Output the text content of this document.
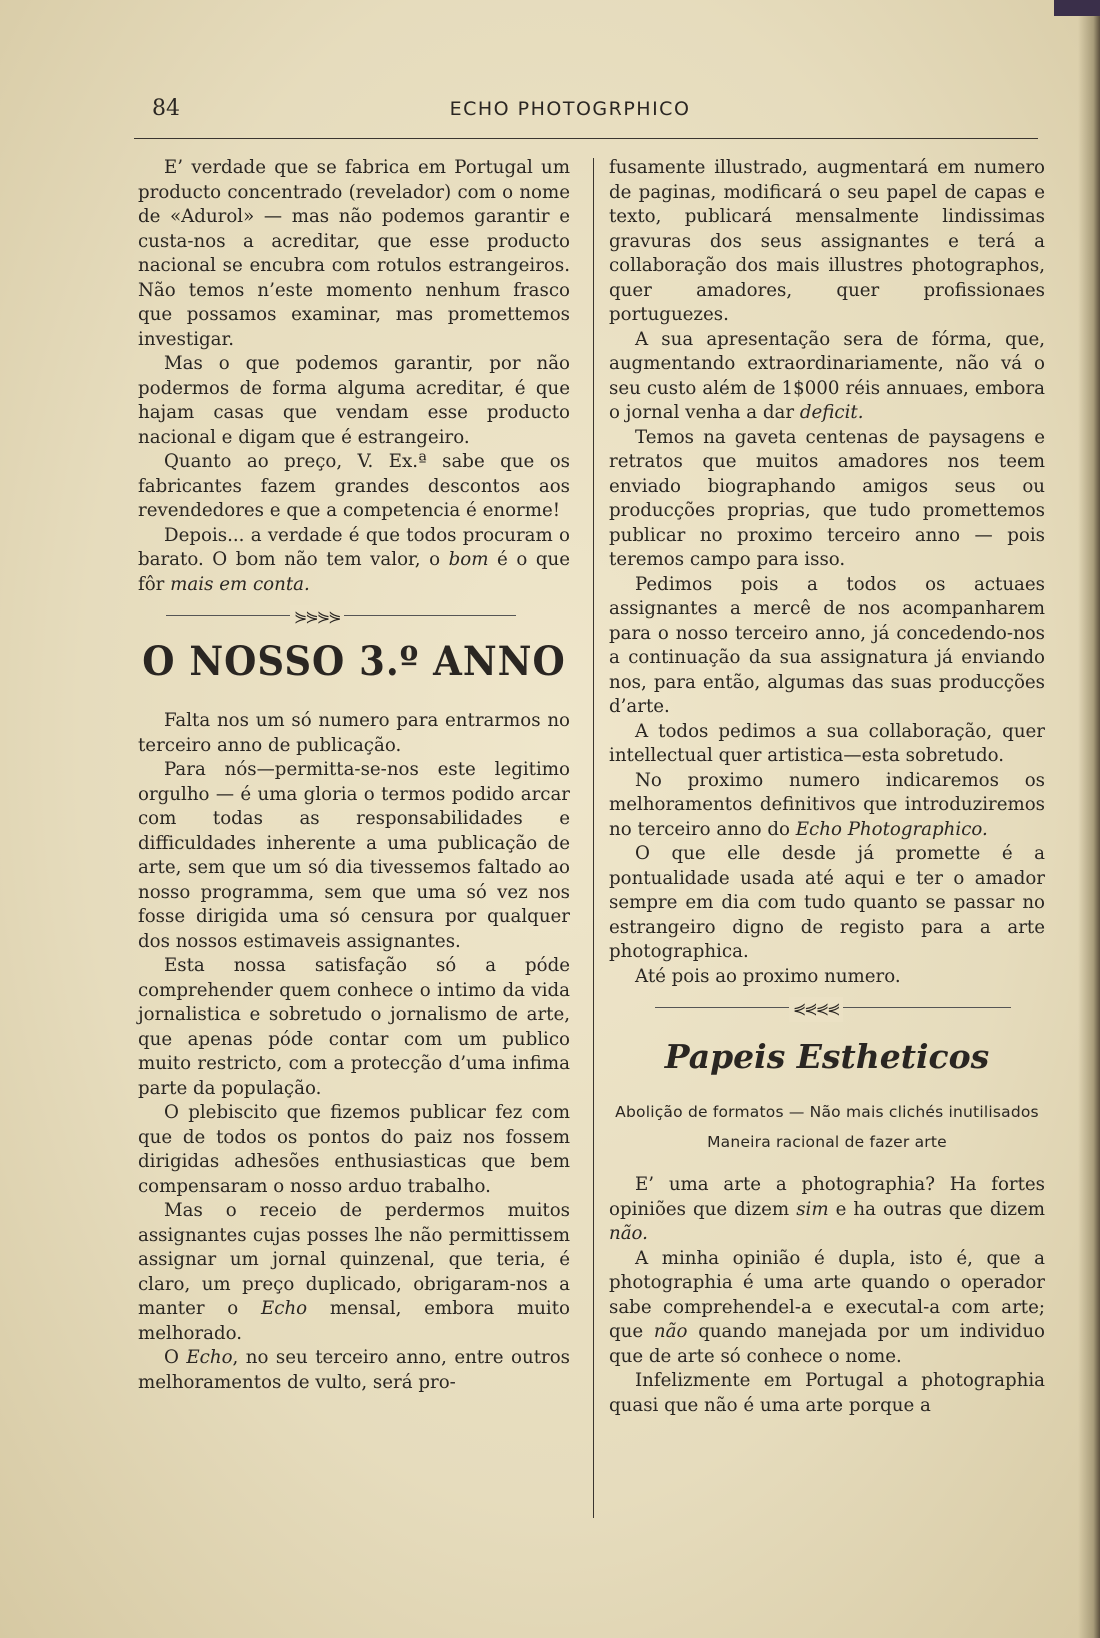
84	ECHO PHOTOGRPHICO

E’ verdade que se fabrica em Portugal um producto concentrado (revelador) com o nome de «Adurol» — mas não podemos garantir e custa-nos a acreditar, que esse producto nacional se encubra com rotulos estrangeiros. Não temos n’este momento nenhum frasco que possamos examinar, mas promettemos investigar.

Mas o que podemos garantir, por não podermos de forma alguma acreditar, é que hajam casas que vendam esse producto nacional e digam que é estrangeiro.

Quanto ao preço, V. Ex.ª sabe que os fabricantes fazem grandes descontos aos revendedores e que a competencia é enorme!

Depois... a verdade é que todos procuram o barato. O bom não tem valor, o bom é o que fôr mais em conta.

⋟⋟⋟⋟
O NOSSO 3.º ANNO

Falta nos um só numero para entrarmos no terceiro anno de publicação.

Para nós—permitta-se-nos este legitimo orgulho — é uma gloria o termos podido arcar com todas as responsabilidades e difficuldades inherente a uma publicação de arte, sem que um só dia tivessemos faltado ao nosso programma, sem que uma só vez nos fosse dirigida uma só censura por qualquer dos nossos estimaveis assignantes.

Esta nossa satisfação só a póde comprehender quem conhece o intimo da vida jornalistica e sobretudo o jornalismo de arte, que apenas póde contar com um publico muito restricto, com a protecção d’uma infima parte da população.

O plebiscito que fizemos publicar fez com que de todos os pontos do paiz nos fossem dirigidas adhesões enthusiasticas que bem compensaram o nosso arduo trabalho.

Mas o receio de perdermos muitos assignantes cujas posses lhe não permittissem assignar um jornal quinzenal, que teria, é claro, um preço duplicado, obrigaram-nos a manter o Echo mensal, embora muito melhorado.

O Echo, no seu terceiro anno, entre outros melhoramentos de vulto, será pro-

fusamente illustrado, augmentará em numero de paginas, modificará o seu papel de capas e texto, publicará mensalmente lindissimas gravuras dos seus assignantes e terá a collaboração dos mais illustres photographos, quer amadores, quer profissionaes portuguezes.

A sua apresentação sera de fórma, que, augmentando extraordinariamente, não vá o seu custo além de 1$000 réis annuaes, embora o jornal venha a dar deficit.

Temos na gaveta centenas de paysagens e retratos que muitos amadores nos teem enviado biographando amigos seus ou producções proprias, que tudo promettemos publicar no proximo terceiro anno — pois teremos campo para isso.

Pedimos pois a todos os actuaes assignantes a mercê de nos acompanharem para o nosso terceiro anno, já concedendo-nos a continuação da sua assignatura já enviando nos, para então, algumas das suas producções d’arte.

A todos pedimos a sua collaboração, quer intellectual quer artistica—esta sobretudo.

No proximo numero indicaremos os melhoramentos definitivos que introduziremos no terceiro anno do Echo Photographico.

O que elle desde já promette é a pontualidade usada até aqui e ter o amador sempre em dia com tudo quanto se passar no estrangeiro digno de registo para a arte photographica.

Até pois ao proximo numero.

⋞⋞⋞⋞
Papeis Estheticos
Abolição de formatos — Não mais clichés inutilisados
Maneira racional de fazer arte

E’ uma arte a photographia? Ha fortes opiniões que dizem sim e ha outras que dizem não.

A minha opinião é dupla, isto é, que a photographia é uma arte quando o operador sabe comprehendel-a e executal-a com arte; que não quando manejada por um individuo que de arte só conhece o nome.

Infelizmente em Portugal a photographia quasi que não é uma arte porque a
